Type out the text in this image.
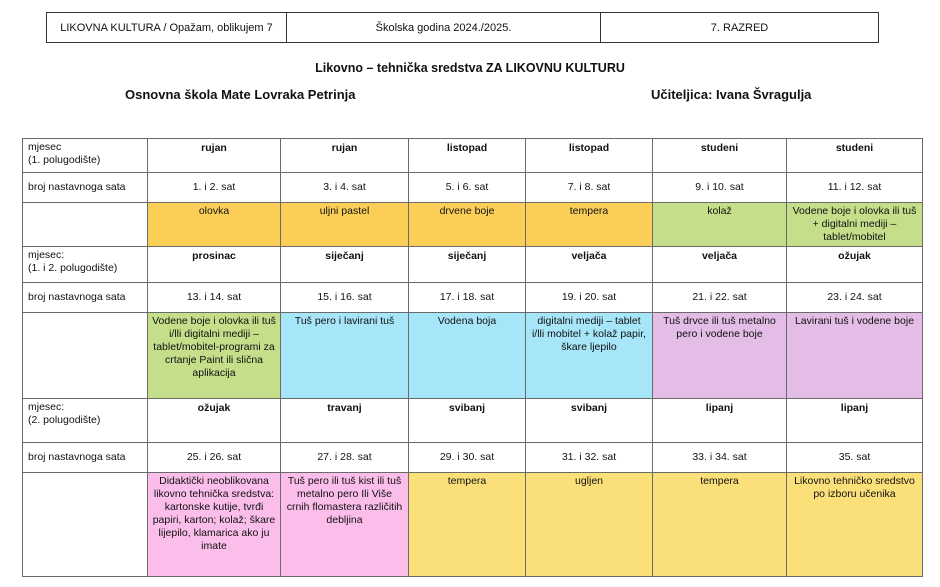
LIKOVNA KULTURA / Opažam, oblikujem 7	Školska godina 2024./2025.	7. RAZRED
Likovno – tehnička sredstva ZA LIKOVNU KULTURU
Osnovna škola Mate Lovraka Petrinja	Učiteljica: Ivana Švragulja
mjesec
(1. polugodište)	rujan	rujan	listopad	listopad	studeni	studeni
broj nastavnoga sata	1. i 2. sat	3. i 4. sat	5. i 6. sat	7. i 8. sat	9. i 10. sat	11. i 12. sat
	olovka	uljni pastel	drvene boje	tempera	kolaž	Vodene boje i olovka ili tuš + digitalni mediji – tablet/mobitel

mjesec:
(1. i 2. polugodište)	prosinac	siječanj	siječanj	veljača	veljača	ožujak
broj nastavnoga sata	13. i 14. sat	15. i 16. sat	17. i 18. sat	19. i 20. sat	21. i 22. sat	23. i 24. sat
	Vodene boje i olovka ili tuš i/lli digitalni mediji – tablet/mobitel-programi za crtanje Paint ili slična aplikacija	Tuš pero i lavirani tuš	Vodena boja	digitalni mediji – tablet i/lli mobitel + kolaž papir, škare ljepilo	Tuš drvce ili tuš metalno pero i vodene boje	Lavirani tuš i vodene boje

mjesec:
(2. polugodište)	ožujak	travanj	svibanj	svibanj	lipanj	lipanj
broj nastavnoga sata	25. i 26. sat	27. i 28. sat	29. i 30. sat	31. i 32. sat	33. i 34. sat	35. sat
	Didaktički neoblikovana likovno tehnička sredstva: kartonske kutije, tvrđi papiri, karton; kolaž; škare lijepilo, klamarica ako ju imate	Tuš pero ili tuš kist ili tuš metalno pero Ili Više crnih flomastera različitih debljina	tempera	ugljen	tempera	Likovno tehničko sredstvo po izboru učenika
